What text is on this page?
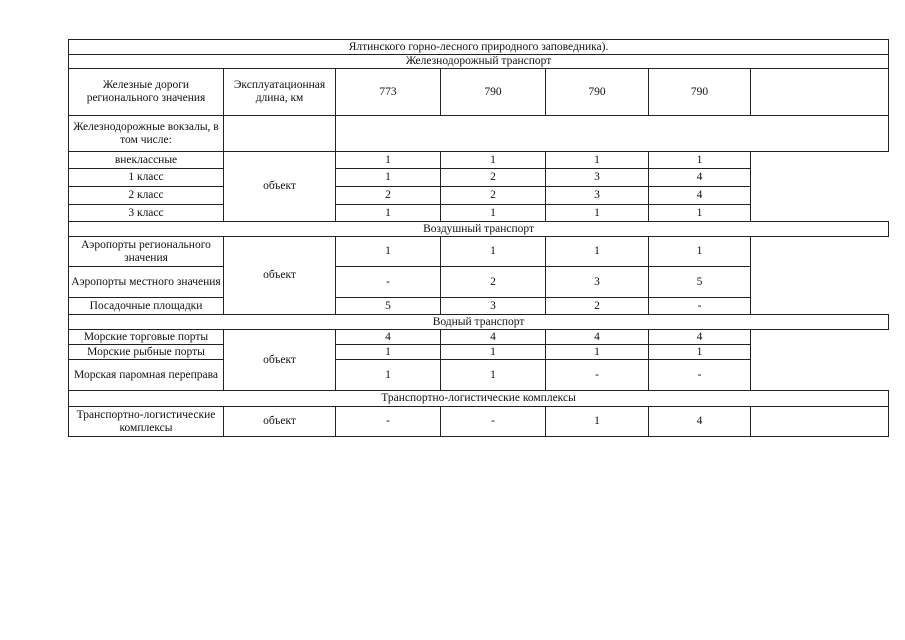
Ялтинского горно-лесного природного заповедника).						
Железнодорожный транспорт						
Железные дороги регионального значения	Эксплуатационная длина, км	773	790	790	790	
Железнодорожные вокзалы, в том числе:						
внеклассные	объект	1	1	1	1	
1 класс		1	2	3	4	
2 класс		2	2	3	4	
3 класс		1	1	1	1	
Воздушный транспорт						
Аэропорты регионального значения	объект	1	1	1	1	
Аэропорты местного значения		-	2	3	5	
Посадочные площадки		5	3	2	-	
Водный транспорт						
Морские торговые порты	объект	4	4	4	4	
Морские рыбные порты		1	1	1	1	
Морская паромная переправа		1	1	-	-	
Транспортно-логистические комплексы						
Транспортно-логистические комплексы	объект	-	-	1	4	
